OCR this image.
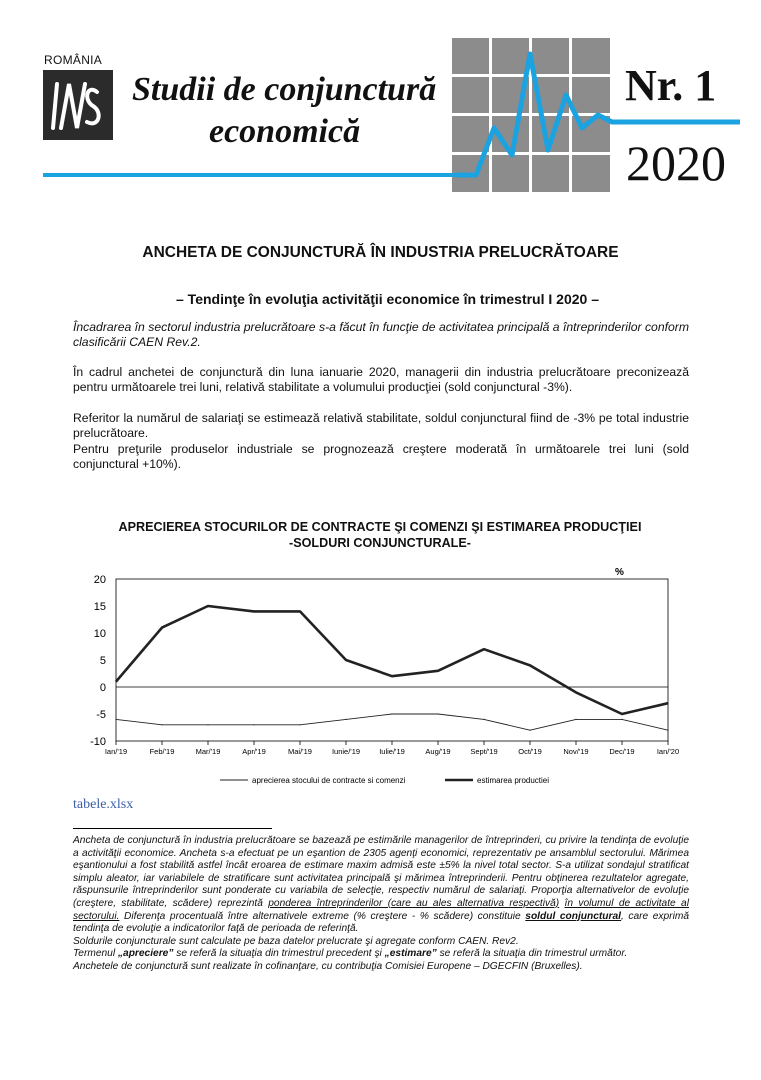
ROMÂNIA
Studii de conjunctură
economică
Nr. 1
2020
ANCHETA DE CONJUNCTURĂ ÎN INDUSTRIA PRELUCRĂTOARE
– Tendinţe în evoluţia activităţii economice în trimestrul I 2020 –
Încadrarea în sectorul industria prelucrătoare s-a făcut în funcţie de activitatea principală a întreprinderilor conform clasificării CAEN Rev.2.

În cadrul anchetei de conjunctură din luna ianuarie 2020, managerii din industria prelucrătoare preconizează pentru următoarele trei luni, relativă stabilitate a volumului producţiei (sold conjunctural -3%).

Referitor la numărul de salariaţi se estimează relativă stabilitate, soldul conjunctural fiind de -3% pe total industrie prelucrătoare.

Pentru preţurile produselor industriale se prognozează creştere moderată în următoarele trei luni (sold conjunctural +10%).

APRECIEREA STOCURILOR DE CONTRACTE ŞI COMENZI ŞI ESTIMAREA PRODUCŢIEI
-SOLDURI CONJUNCTURALE-
20
15
10
5
0
-5
-10
%
Ian/'19	Feb/'19	Mar/'19	Apr/'19	Mai/'19	Iunie/'19	Iulie/'19	Aug/'19	Sept/'19	Oct/'19	Nov/'19	Dec/'19	Ian/'20
aprecierea stocului de contracte si comenzi	estimarea productiei
tabele.xlsx

Ancheta de conjunctură în industria prelucrătoare se bazează pe estimările managerilor de întreprinderi, cu privire la tendinţa de evoluţie a activităţii economice. Ancheta s-a efectuat pe un eşantion de 2305 agenţi economici, reprezentativ pe ansamblul sectorului. Mărimea eşantionului a fost stabilită astfel încât eroarea de estimare maxim admisă este ±5% la nivel total sector. S-a utilizat sondajul stratificat simplu aleator, iar variabilele de stratificare sunt activitatea principală şi mărimea întreprinderii. Pentru obţinerea rezultatelor agregate, răspunsurile întreprinderilor sunt ponderate cu variabila de selecţie, respectiv numărul de salariaţi. Proporţia alternativelor de evoluţie (creştere, stabilitate, scădere) reprezintă ponderea întreprinderilor (care au ales alternativa respectivă) în volumul de activitate al sectorului. Diferenţa procentuală între alternativele extreme (% creştere - % scădere) constituie soldul conjunctural, care exprimă tendinţa de evoluţie a indicatorilor faţă de perioada de referinţă.

Soldurile conjuncturale sunt calculate pe baza datelor prelucrate şi agregate conform CAEN. Rev2.

Termenul „apreciere” se referă la situaţia din trimestrul precedent şi „estimare” se referă la situaţia din trimestrul următor.

Anchetele de conjunctură sunt realizate în cofinanţare, cu contribuţia Comisiei Europene – DGECFIN (Bruxelles).
